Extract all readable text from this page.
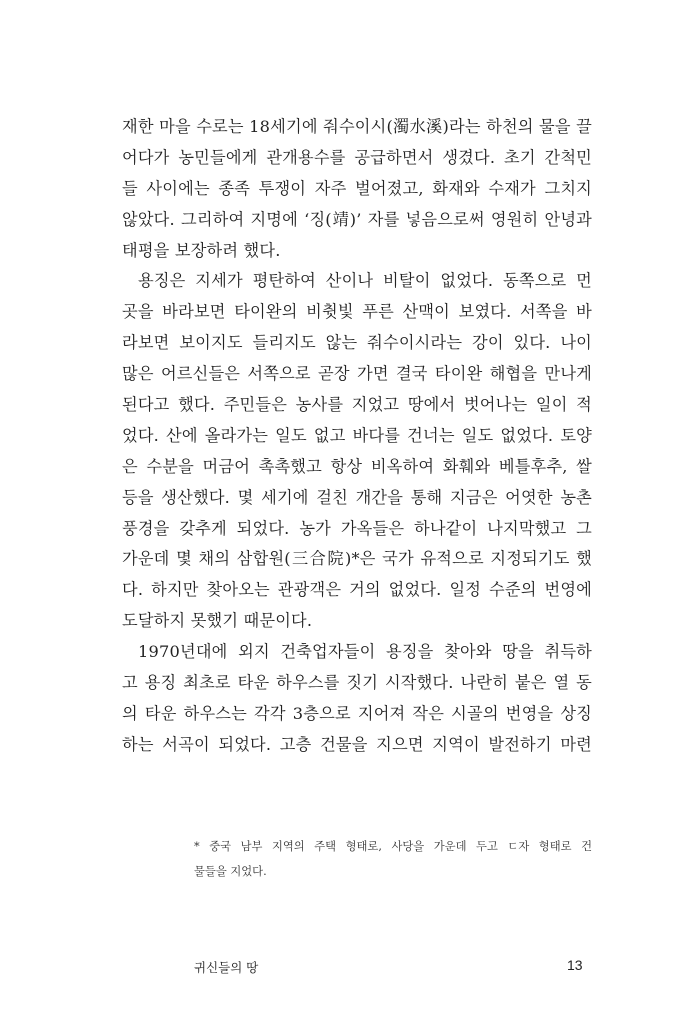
재한 마을 수로는 18세기에 줘수이시(濁水溪)라는 하천의 물을 끌
어다가 농민들에게 관개용수를 공급하면서 생겼다. 초기 간척민
들 사이에는 종족 투쟁이 자주 벌어졌고, 화재와 수재가 그치지
않았다. 그리하여 지명에 ‘징(靖)’ 자를 넣음으로써 영원히 안녕과
태평을 보장하려 했다.
용징은 지세가 평탄하여 산이나 비탈이 없었다. 동쪽으로 먼
곳을 바라보면 타이완의 비췻빛 푸른 산맥이 보였다. 서쪽을 바
라보면 보이지도 들리지도 않는 줘수이시라는 강이 있다. 나이
많은 어르신들은 서쪽으로 곧장 가면 결국 타이완 해협을 만나게
된다고 했다. 주민들은 농사를 지었고 땅에서 벗어나는 일이 적
었다. 산에 올라가는 일도 없고 바다를 건너는 일도 없었다. 토양
은 수분을 머금어 촉촉했고 항상 비옥하여 화훼와 베틀후추, 쌀
등을 생산했다. 몇 세기에 걸친 개간을 통해 지금은 어엿한 농촌
풍경을 갖추게 되었다. 농가 가옥들은 하나같이 나지막했고 그
가운데 몇 채의 삼합원(三合院)*은 국가 유적으로 지정되기도 했
다. 하지만 찾아오는 관광객은 거의 없었다. 일정 수준의 번영에
도달하지 못했기 때문이다.
1970년대에 외지 건축업자들이 용징을 찾아와 땅을 취득하
고 용징 최초로 타운 하우스를 짓기 시작했다. 나란히 붙은 열 동
의 타운 하우스는 각각 3층으로 지어져 작은 시골의 번영을 상징
하는 서곡이 되었다. 고층 건물을 지으면 지역이 발전하기 마련
* 중국 남부 지역의 주택 형태로, 사당을 가운데 두고 ㄷ자 형태로 건
물들을 지었다.
귀신들의 땅	13
